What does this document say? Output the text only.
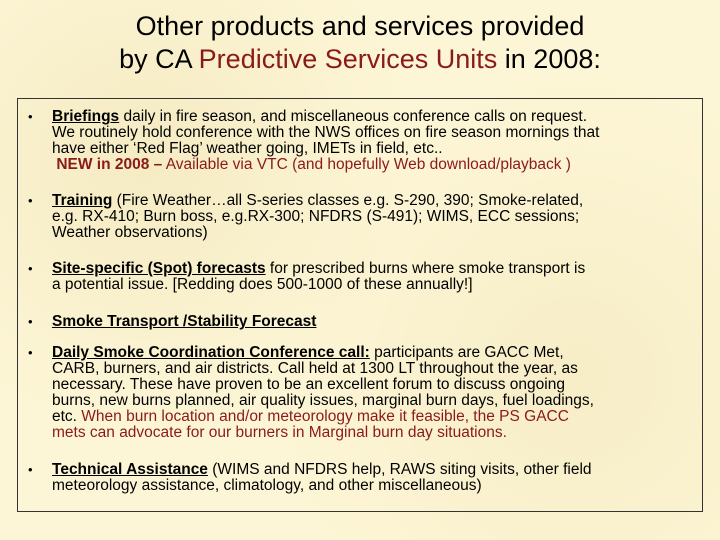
Other products and services provided
by CA Predictive Services Units in 2008:
• Briefings daily in fire season, and miscellaneous conference calls on request.
We routinely hold conference with the NWS offices on fire season mornings that
have either ‘Red Flag’ weather going, IMETs in field, etc..
NEW in 2008 – Available via VTC (and hopefully Web download/playback )
• Training (Fire Weather…all S-series classes e.g. S-290, 390; Smoke-related,
e.g. RX-410; Burn boss, e.g.RX-300; NFDRS (S-491); WIMS, ECC sessions;
Weather observations)
• Site-specific (Spot) forecasts for prescribed burns where smoke transport is
a potential issue. [Redding does 500-1000 of these annually!]
• Smoke Transport /Stability Forecast
• Daily Smoke Coordination Conference call: participants are GACC Met,
CARB, burners, and air districts. Call held at 1300 LT throughout the year, as
necessary. These have proven to be an excellent forum to discuss ongoing
burns, new burns planned, air quality issues, marginal burn days, fuel loadings,
etc. When burn location and/or meteorology make it feasible, the PS GACC
mets can advocate for our burners in Marginal burn day situations.
• Technical Assistance (WIMS and NFDRS help, RAWS siting visits, other field
meteorology assistance, climatology, and other miscellaneous)
